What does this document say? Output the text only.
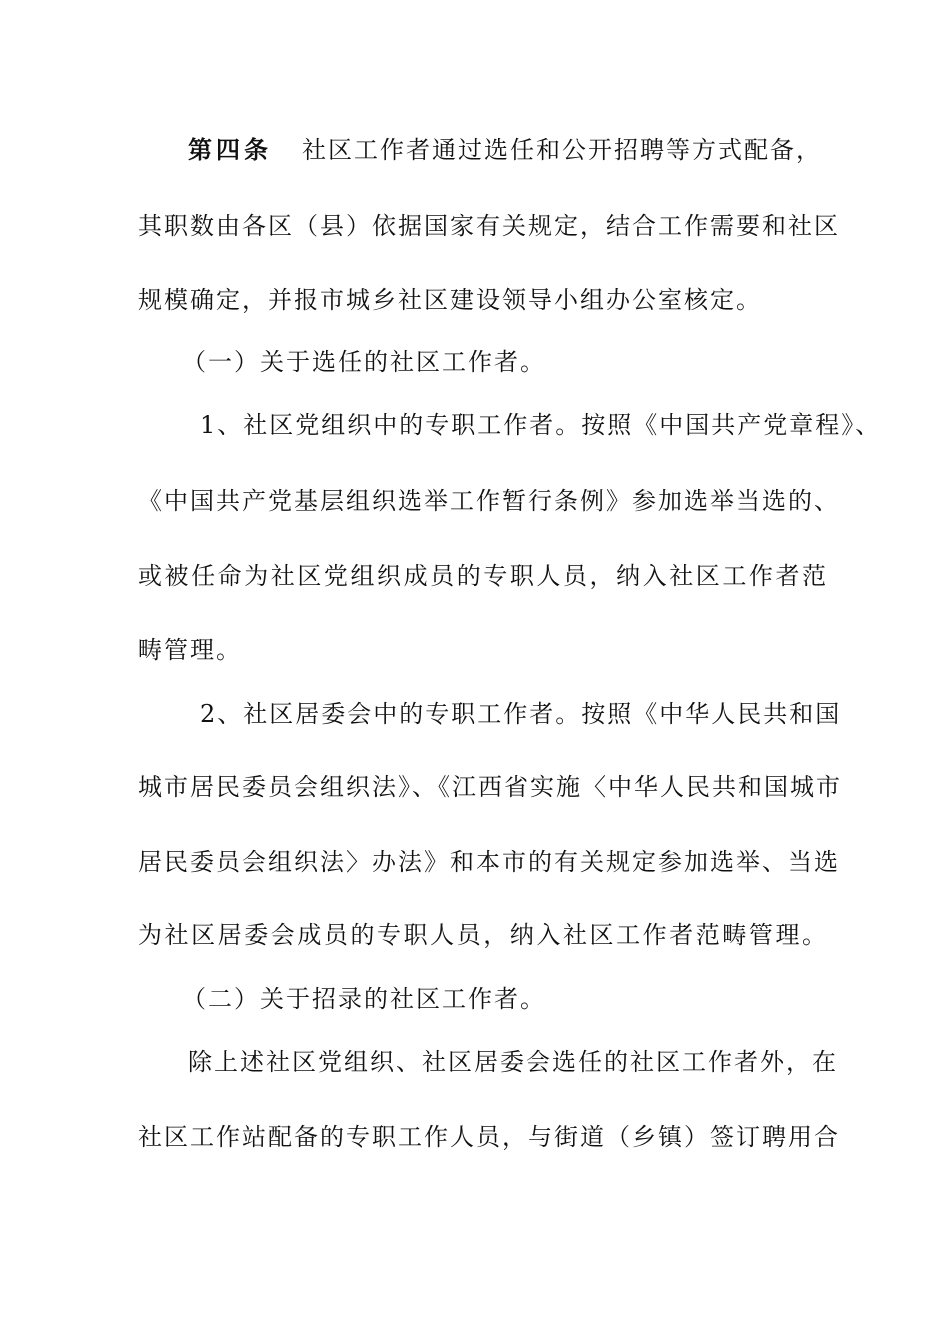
第四条 社区工作者通过选任和公开招聘等方式配备，
其职数由各区（县）依据国家有关规定，结合工作需要和社区
规模确定，并报市城乡社区建设领导小组办公室核定。
（一）关于选任的社区工作者。
1、社区党组织中的专职工作者。按照《中国共产党章程》、
《中国共产党基层组织选举工作暂行条例》参加选举当选的、
或被任命为社区党组织成员的专职人员，纳入社区工作者范
畴管理。
2、社区居委会中的专职工作者。按照《中华人民共和国
城市居民委员会组织法》、《江西省实施〈中华人民共和国城市
居民委员会组织法〉办法》和本市的有关规定参加选举、当选
为社区居委会成员的专职人员，纳入社区工作者范畴管理。
（二）关于招录的社区工作者。
除上述社区党组织、社区居委会选任的社区工作者外，在
社区工作站配备的专职工作人员，与街道（乡镇）签订聘用合
